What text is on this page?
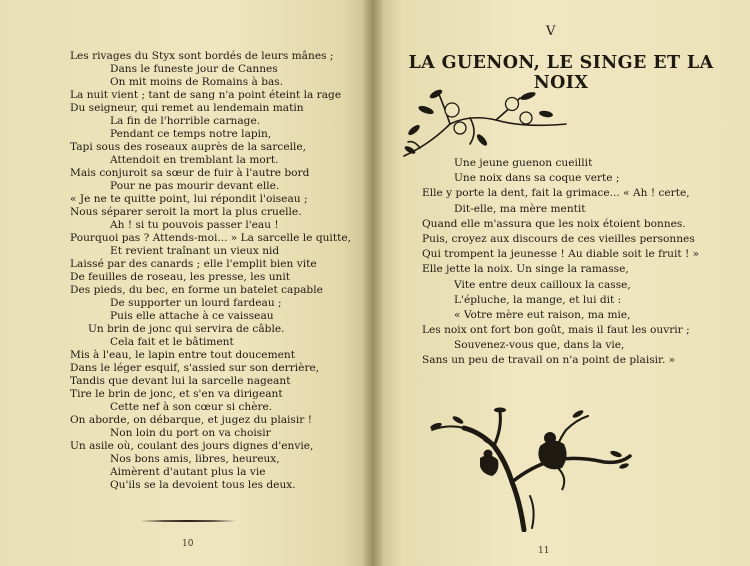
Les rivages du Styx sont bordés de leurs mânes ;
Dans le funeste jour de Cannes
On mit moins de Romains à bas.
La nuit vient ; tant de sang n'a point éteint la rage
Du seigneur, qui remet au lendemain matin
La fin de l'horrible carnage.
Pendant ce temps notre lapin,
Tapi sous des roseaux auprès de la sarcelle,
Attendoit en tremblant la mort.
Mais conjuroit sa sœur de fuir à l'autre bord
Pour ne pas mourir devant elle.
« Je ne te quitte point, lui répondit l'oiseau ;
Nous séparer seroit la mort la plus cruelle.
Ah ! si tu pouvois passer l'eau !
Pourquoi pas ? Attends-moi... » La sarcelle le quitte,
Et revient traînant un vieux nid
Laissé par des canards ; elle l'emplit bien vite
De feuilles de roseau, les presse, les unit
Des pieds, du bec, en forme un batelet capable
De supporter un lourd fardeau ;
Puis elle attache à ce vaisseau
Un brin de jonc qui servira de câble.
Cela fait et le bâtiment
Mis à l'eau, le lapin entre tout doucement
Dans le léger esquif, s'assied sur son derrière,
Tandis que devant lui la sarcelle nageant
Tire le brin de jonc, et s'en va dirigeant
Cette nef à son cœur si chère.
On aborde, on débarque, et jugez du plaisir !
Non loin du port on va choisir
Un asile où, coulant des jours dignes d'envie,
Nos bons amis, libres, heureux,
Aimèrent d'autant plus la vie
Qu'ils se la devoient tous les deux.
10
V
LA GUENON, LE SINGE ET LA NOIX
Une jeune guenon cueillit
Une noix dans sa coque verte ;
Elle y porte la dent, fait la grimace... « Ah ! certe,
Dit-elle, ma mère mentit
Quand elle m'assura que les noix étoient bonnes.
Puis, croyez aux discours de ces vieilles personnes
Qui trompent la jeunesse ! Au diable soit le fruit ! »
Elle jette la noix. Un singe la ramasse,
Vite entre deux cailloux la casse,
L'épluche, la mange, et lui dit :
« Votre mère eut raison, ma mie,
Les noix ont fort bon goût, mais il faut les ouvrir ;
Souvenez-vous que, dans la vie,
Sans un peu de travail on n'a point de plaisir. »
11
